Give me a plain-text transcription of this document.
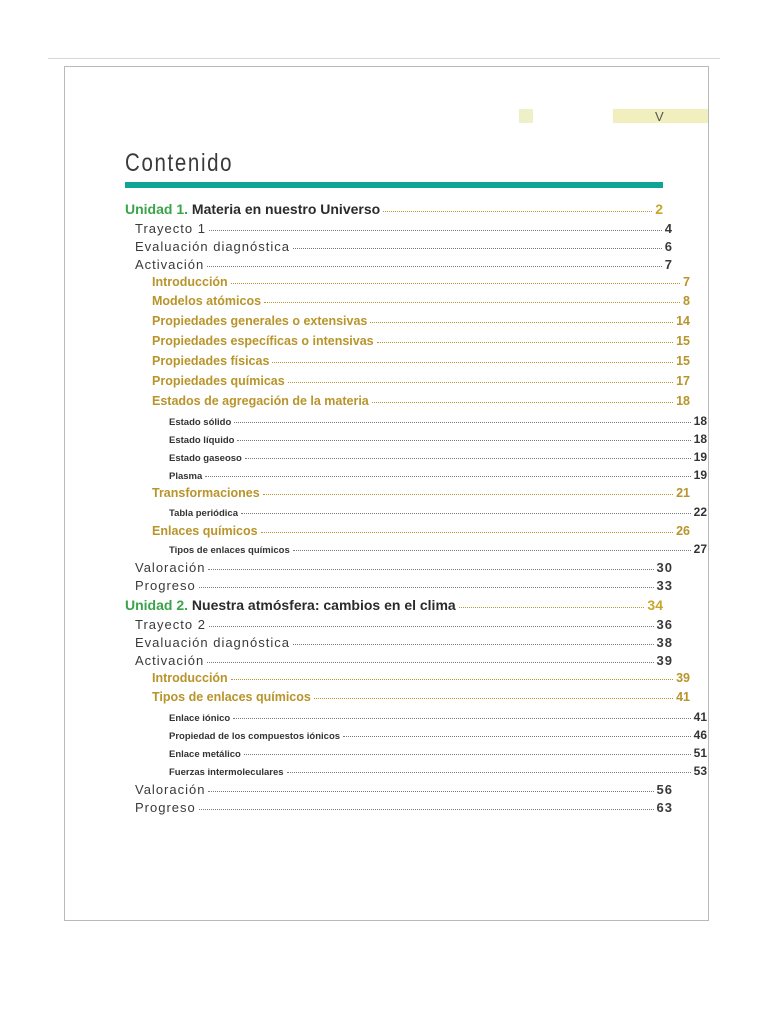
V
Contenido
Unidad 1. Materia en nuestro Universo	2
Trayecto 1	4
Evaluación diagnóstica	6
Activación	7
Introducción	7
Modelos atómicos	8
Propiedades generales o extensivas	14
Propiedades específicas o intensivas	15
Propiedades físicas	15
Propiedades químicas	17
Estados de agregación de la materia	18
Estado sólido	18
Estado líquido	18
Estado gaseoso	19
Plasma	19
Transformaciones	21
Tabla periódica	22
Enlaces químicos	26
Tipos de enlaces químicos	27
Valoración	30
Progreso	33
Unidad 2. Nuestra atmósfera: cambios en el clima	34
Trayecto 2	36
Evaluación diagnóstica	38
Activación	39
Introducción	39
Tipos de enlaces químicos	41
Enlace iónico	41
Propiedad de los compuestos iónicos	46
Enlace metálico	51
Fuerzas intermoleculares	53
Valoración	56
Progreso	63
